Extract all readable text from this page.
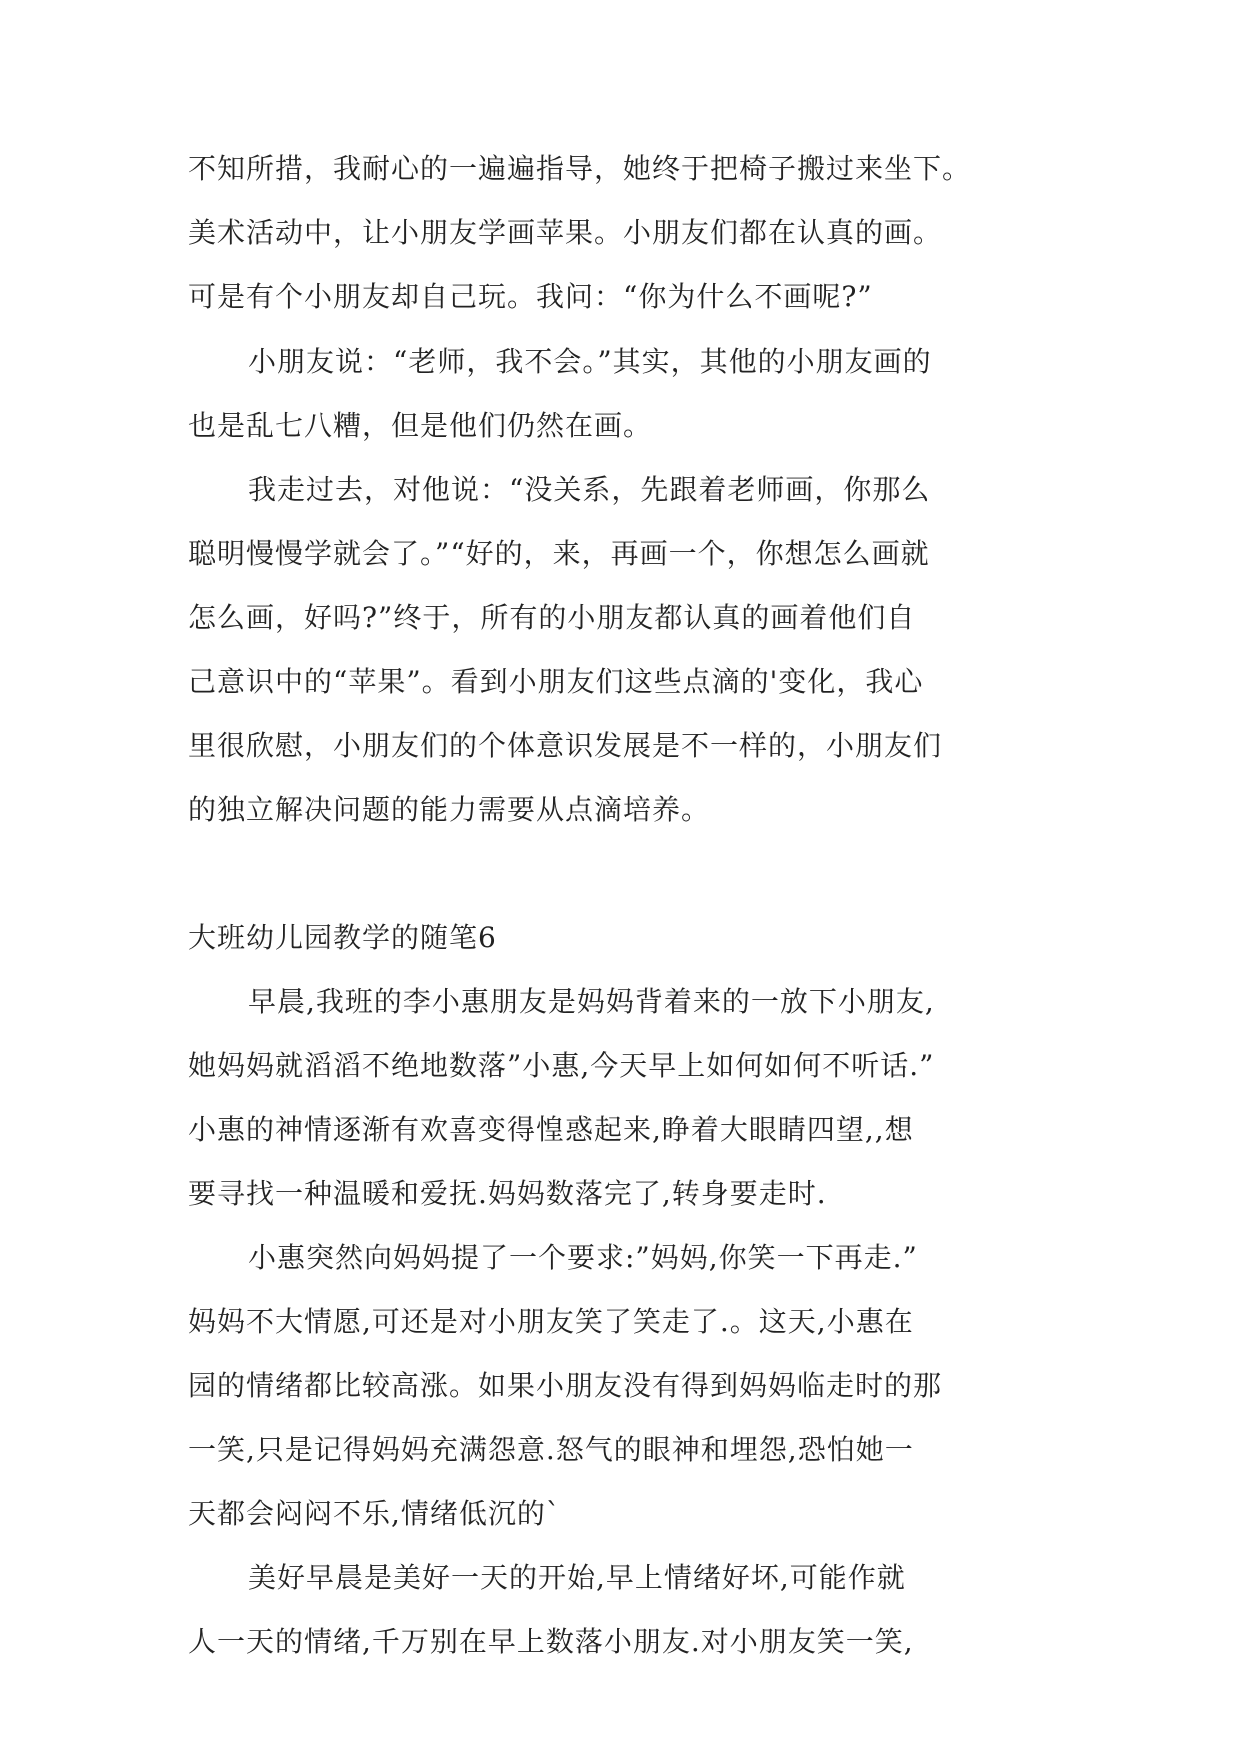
不知所措，我耐心的一遍遍指导，她终于把椅子搬过来坐下。
美术活动中，让小朋友学画苹果。小朋友们都在认真的画。
可是有个小朋友却自己玩。我问：“你为什么不画呢?”
小朋友说：“老师，我不会。”其实，其他的小朋友画的
也是乱七八糟，但是他们仍然在画。
我走过去，对他说：“没关系，先跟着老师画，你那么
聪明慢慢学就会了。”“好的，来，再画一个，你想怎么画就
怎么画，好吗?”终于，所有的小朋友都认真的画着他们自
己意识中的“苹果”。看到小朋友们这些点滴的'变化，我心
里很欣慰，小朋友们的个体意识发展是不一样的，小朋友们
的独立解决问题的能力需要从点滴培养。
大班幼儿园教学的随笔6
早晨,我班的李小惠朋友是妈妈背着来的一放下小朋友,
她妈妈就滔滔不绝地数落”小惠,今天早上如何如何不听话.”
小惠的神情逐渐有欢喜变得惶惑起来,睁着大眼睛四望,,想
要寻找一种温暖和爱抚.妈妈数落完了,转身要走时.
小惠突然向妈妈提了一个要求:”妈妈,你笑一下再走.”
妈妈不大情愿,可还是对小朋友笑了笑走了.。这天,小惠在
园的情绪都比较高涨。如果小朋友没有得到妈妈临走时的那
一笑,只是记得妈妈充满怨意.怒气的眼神和埋怨,恐怕她一
天都会闷闷不乐,情绪低沉的`
美好早晨是美好一天的开始,早上情绪好坏,可能作就
人一天的情绪,千万别在早上数落小朋友.对小朋友笑一笑,
